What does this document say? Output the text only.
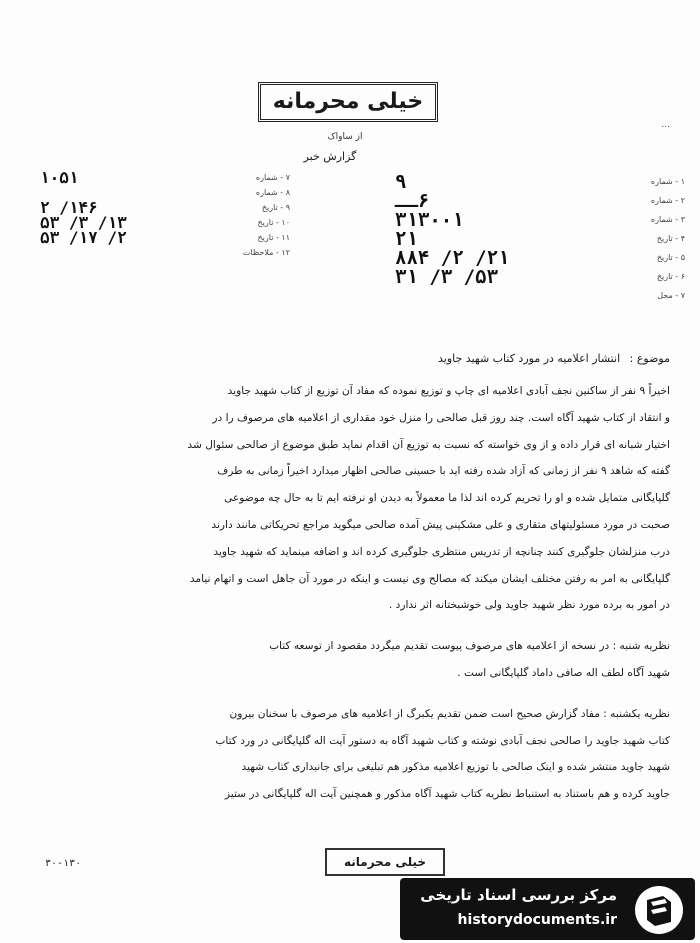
خیلی محرمانه
از ساواک
گزارش خبر
...
۷ - شماره
۱۰۵۱
۸ - شماره
۹ - تاریخ
۱۴۶/ ۲
۱۰ - تاریخ
۱۳/ ۳/ ۵۳
۱۱ - تاریخ
۲/ ۱۷/ ۵۳
۱۲ - ملاحظات
۱ - شماره
۹
۲ - شماره
۶ــ
۳ - شماره
۳۱۳۰۰۱
۴ - تاریخ
۲۱
۵ - تاریخ
۲۱/ ۲/ ۸۸۴
۶ - تاریخ
۵۳/ ۳/ ۳۱
۷ - محل
موضوع : انتشار اعلامیه در مورد کتاب شهید جاوید

اخیراً ۹ نفر از ساکنین نجف آبادی اعلامیه ای چاپ و توزیع نموده که مفاد آن توزیع از کتاب شهید جاوید

و انتقاد از کتاب شهید آگاه است. چند روز قبل صالحی را منزل خود مقداری از اعلامیه های مرصوف را در

اختیار شبانه ای قرار داده و از وی خواسته که نسبت به توزیع آن اقدام نماید طبق موضوع از صالحی سئوال شد

گفته که شاهد ۹ نفر از زمانی که آزاد شده رفته اید با حسینی صالحی اظهار میدارد اخیراً زمانی به طرف

گلپایگانی متمایل شده و او را تحریم کرده اند لذا ما معمولاً به دیدن او نرفته ایم تا به حال چه موضوعی

صحبت در مورد مسئولیتهای متقاری و علی مشکینی پیش آمده صالحی میگوید مراجع تحریکاتی مانند دارند

درب منزلشان جلوگیری کنند چنانچه از تدریس منتظری جلوگیری کرده اند و اضافه مینماید که شهید جاوید

گلپایگانی به امر به رفتن مختلف ایشان میکند که مصالح وی نیست و اینکه در مورد آن جاهل است و اتهام نیامد

در امور به برده مورد نظر شهید جاوید ولی خوشبختانه اثر ندارد .

نظریه شنبه : در نسخه از اعلامیه های مرصوف پیوست تقدیم میگردد مقصود از توسعه کتاب

شهید آگاه لطف اله صافی داماد گلپایگانی است .

نظریه یکشنبه : مفاد گزارش صحیح است ضمن تقدیم یکبرگ از اعلامیه های مرصوف با سخنان بیرون

کتاب شهید جاوید را صالحی نجف آبادی نوشته و کتاب شهید آگاه به دستور آیت اله گلپایگانی در ورد کتاب

شهید جاوید منتشر شده و اینک صالحی با توزیع اعلامیه مذکور هم تبلیغی برای جانبداری کتاب شهید

جاوید کرده و هم باستناد به استنباط نظریه کتاب شهید آگاه مذکور و همچنین آیت اله گلپایگانی در ستیز

۳۰-۱۳۰	خیلی محرمانه
مرکز بررسی اسناد تاریخی
historydocuments.ir
